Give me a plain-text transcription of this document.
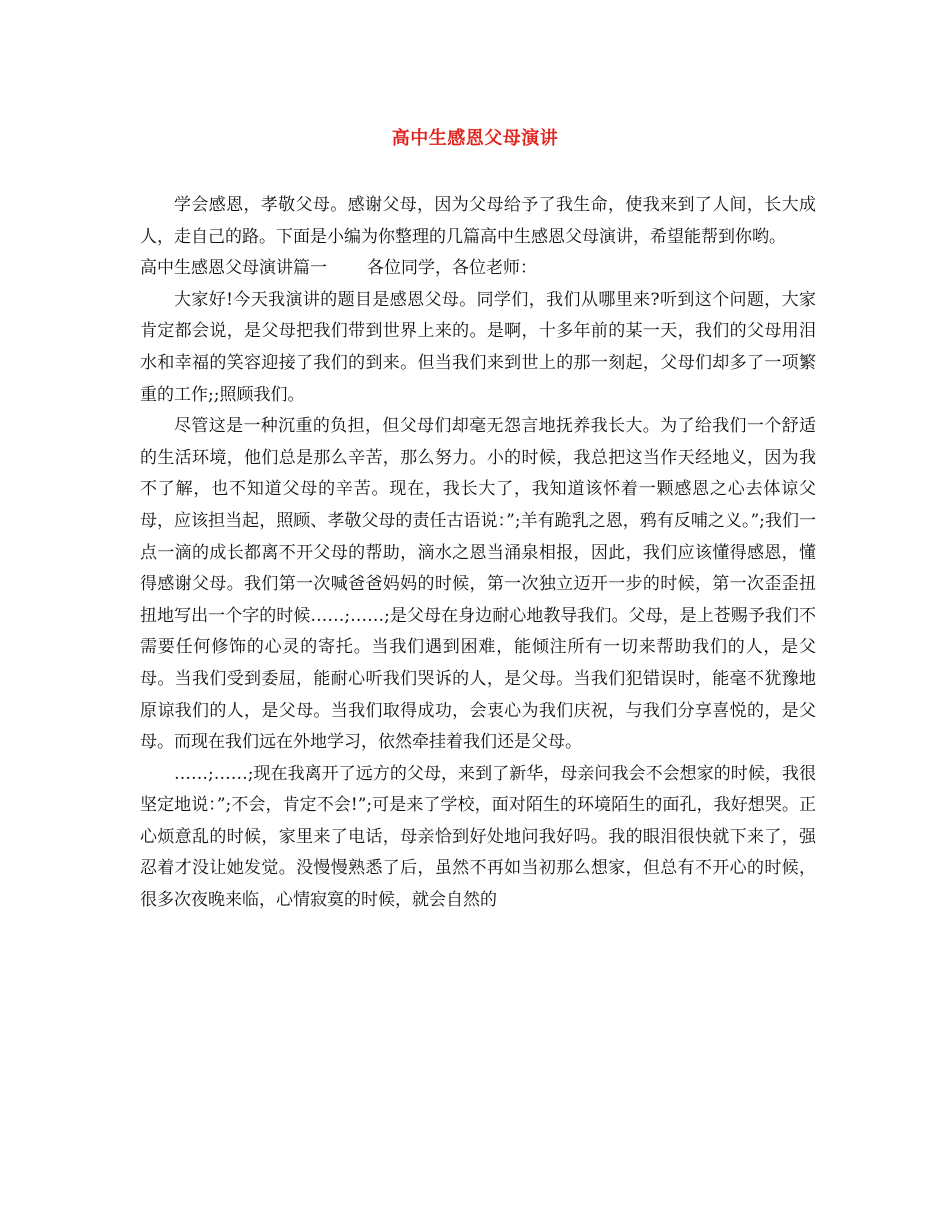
高中生感恩父母演讲

学会感恩，孝敬父母。感谢父母，因为父母给予了我生命，使我来到了人间，长大成人，走自己的路。下面是小编为你整理的几篇高中生感恩父母演讲，希望能帮到你哟。

高中生感恩父母演讲篇一 各位同学，各位老师：

大家好!今天我演讲的题目是感恩父母。同学们，我们从哪里来?听到这个问题，大家肯定都会说，是父母把我们带到世界上来的。是啊，十多年前的某一天，我们的父母用泪水和幸福的笑容迎接了我们的到来。但当我们来到世上的那一刻起，父母们却多了一项繁重的工作;;照顾我们。

尽管这是一种沉重的负担，但父母们却毫无怨言地抚养我长大。为了给我们一个舒适的生活环境，他们总是那么辛苦，那么努力。小的时候，我总把这当作天经地义，因为我不了解，也不知道父母的辛苦。现在，我长大了，我知道该怀着一颗感恩之心去体谅父母，应该担当起，照顾、孝敬父母的责任古语说：”;羊有跪乳之恩，鸦有反哺之义。”;我们一点一滴的成长都离不开父母的帮助，滴水之恩当涌泉相报，因此，我们应该懂得感恩，懂得感谢父母。我们第一次喊爸爸妈妈的时候，第一次独立迈开一步的时候，第一次歪歪扭扭地写出一个字的时候……;……;是父母在身边耐心地教导我们。父母，是上苍赐予我们不需要任何修饰的心灵的寄托。当我们遇到困难，能倾注所有一切来帮助我们的人，是父母。当我们受到委屈，能耐心听我们哭诉的人，是父母。当我们犯错误时，能毫不犹豫地原谅我们的人，是父母。当我们取得成功，会衷心为我们庆祝，与我们分享喜悦的，是父母。而现在我们远在外地学习，依然牵挂着我们还是父母。

……;……;现在我离开了远方的父母，来到了新华，母亲问我会不会想家的时候，我很坚定地说：”;不会，肯定不会!”;可是来了学校，面对陌生的环境陌生的面孔，我好想哭。正心烦意乱的时候，家里来了电话，母亲恰到好处地问我好吗。我的眼泪很快就下来了，强忍着才没让她发觉。没慢慢熟悉了后，虽然不再如当初那么想家，但总有不开心的时候，很多次夜晚来临，心情寂寞的时候，就会自然的
